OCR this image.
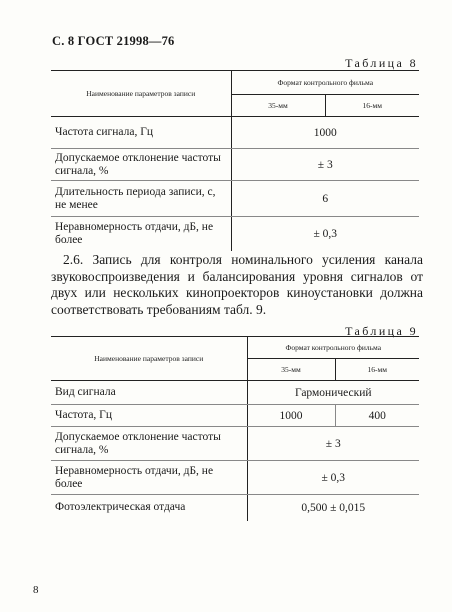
С. 8 ГОСТ 21998—76
Таблица 8
Наименование параметров записи	Формат контрольного фильма	
	35-мм	16-мм
Частота сигнала, Гц	1000	
Допускаемое отклонение частоты сигнала, %	± 3	
Длительность периода записи, с, не менее	6	
Неравномерность отдачи, дБ, не более	± 0,3	
2.6. Запись для контроля номинального усиления канала звуковоспроизведения и балансирования уровня сигналов от двух или нескольких кинопроекторов киноустановки должна соответствовать требованиям табл. 9.
Таблица 9
Наименование параметров записи	Формат контрольного фильма	
	35-мм	16-мм
Вид сигнала	Гармонический	
Частота, Гц	1000	400
Допускаемое отклонение частоты сигнала, %	± 3	
Неравномерность отдачи, дБ, не более	± 0,3	
Фотоэлектрическая отдача	0,500 ± 0,015	
8
